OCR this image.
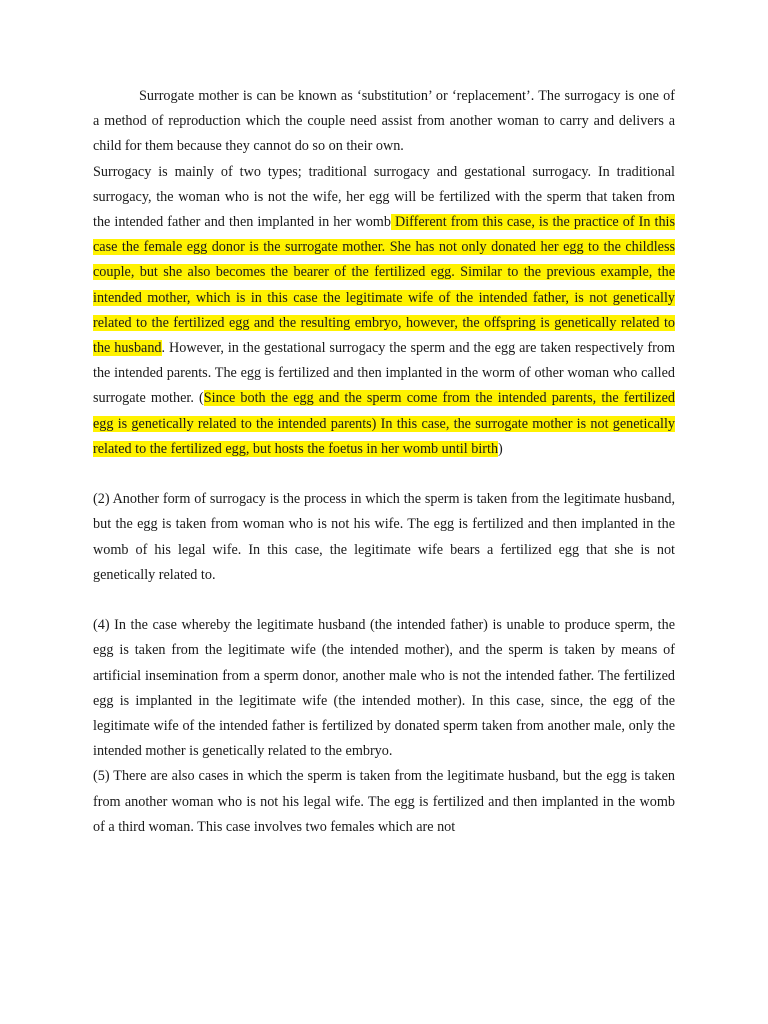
Surrogate mother is can be known as ‘substitution’ or ‘replacement’. The surrogacy is one of a method of reproduction which the couple need assist from another woman to carry and delivers a child for them because they cannot do so on their own.

Surrogacy is mainly of two types; traditional surrogacy and gestational surrogacy. In traditional surrogacy, the woman who is not the wife, her egg will be fertilized with the sperm that taken from the intended father and then implanted in her womb Different from this case, is the practice of In this case the female egg donor is the surrogate mother. She has not only donated her egg to the childless couple, but she also becomes the bearer of the fertilized egg. Similar to the previous example, the intended mother, which is in this case the legitimate wife of the intended father, is not genetically related to the fertilized egg and the resulting embryo, however, the offspring is genetically related to the husband. However, in the gestational surrogacy the sperm and the egg are taken respectively from the intended parents. The egg is fertilized and then implanted in the worm of other woman who called surrogate mother. (Since both the egg and the sperm come from the intended parents, the fertilized egg is genetically related to the intended parents) In this case, the surrogate mother is not genetically related to the fertilized egg, but hosts the foetus in her womb until birth)

(2) Another form of surrogacy is the process in which the sperm is taken from the legitimate husband, but the egg is taken from woman who is not his wife. The egg is fertilized and then implanted in the womb of his legal wife. In this case, the legitimate wife bears a fertilized egg that she is not genetically related to.

(4) In the case whereby the legitimate husband (the intended father) is unable to produce sperm, the egg is taken from the legitimate wife (the intended mother), and the sperm is taken by means of artificial insemination from a sperm donor, another male who is not the intended father. The fertilized egg is implanted in the legitimate wife (the intended mother). In this case, since, the egg of the legitimate wife of the intended father is fertilized by donated sperm taken from another male, only the intended mother is genetically related to the embryo.

(5) There are also cases in which the sperm is taken from the legitimate husband, but the egg is taken from another woman who is not his legal wife. The egg is fertilized and then implanted in the womb of a third woman. This case involves two females which are not
